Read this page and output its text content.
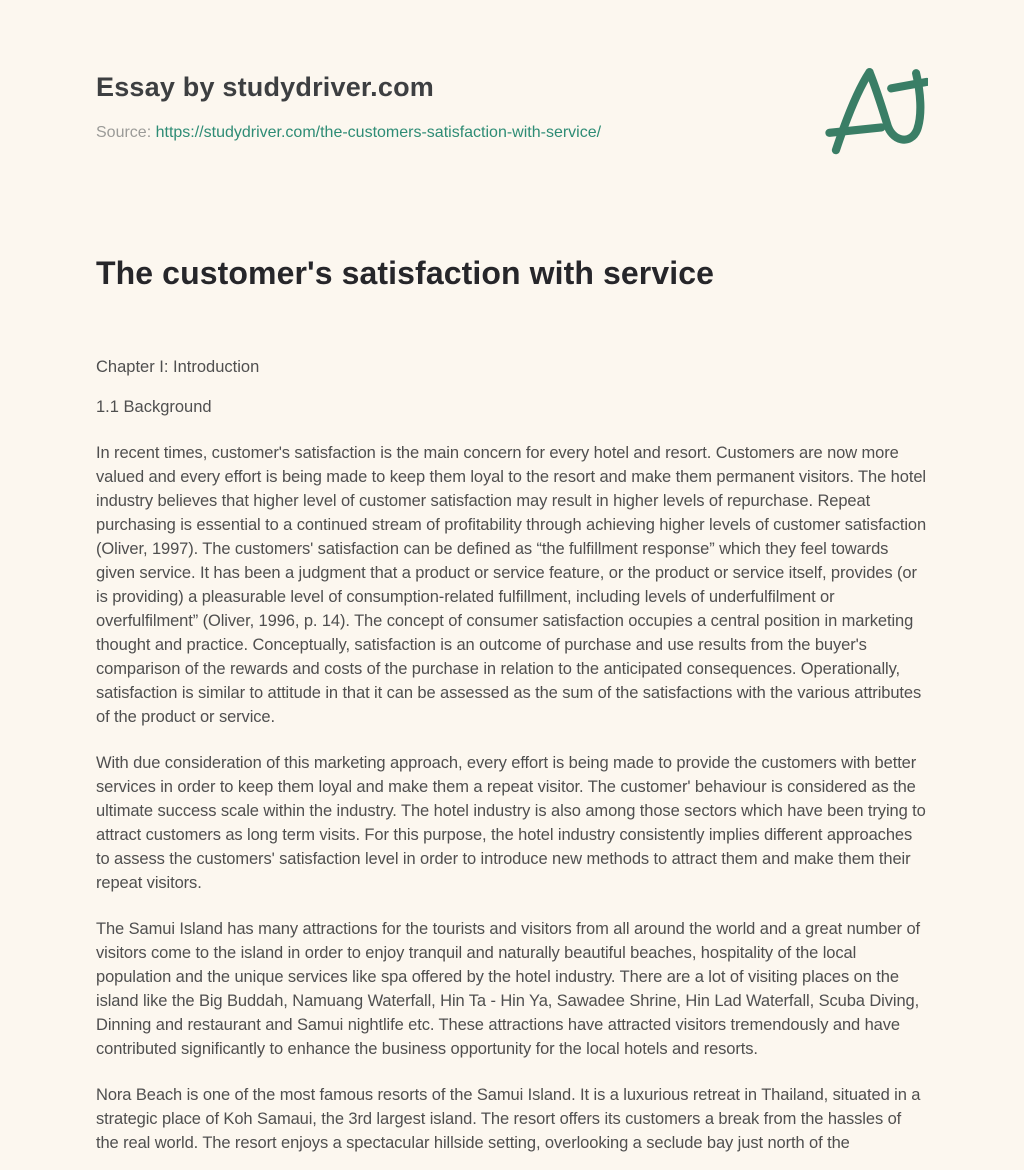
Essay by studydriver.com
Source: https://studydriver.com/the-customers-satisfaction-with-service/
The customer's satisfaction with service
Chapter I: Introduction
1.1 Background

In recent times, customer's satisfaction is the main concern for every hotel and resort. Customers are now more valued and every effort is being made to keep them loyal to the resort and make them permanent visitors. The hotel industry believes that higher level of customer satisfaction may result in higher levels of repurchase. Repeat purchasing is essential to a continued stream of profitability through achieving higher levels of customer satisfaction (Oliver, 1997). The customers' satisfaction can be defined as “the fulfillment response” which they feel towards given service. It has been a judgment that a product or service feature, or the product or service itself, provides (or is providing) a pleasurable level of consumption-related fulfillment, including levels of underfulfilment or overfulfilment” (Oliver, 1996, p. 14). The concept of consumer satisfaction occupies a central position in marketing thought and practice. Conceptually, satisfaction is an outcome of purchase and use results from the buyer's comparison of the rewards and costs of the purchase in relation to the anticipated consequences. Operationally, satisfaction is similar to attitude in that it can be assessed as the sum of the satisfactions with the various attributes of the product or service.

With due consideration of this marketing approach, every effort is being made to provide the customers with better services in order to keep them loyal and make them a repeat visitor. The customer' behaviour is considered as the ultimate success scale within the industry. The hotel industry is also among those sectors which have been trying to attract customers as long term visits. For this purpose, the hotel industry consistently implies different approaches to assess the customers' satisfaction level in order to introduce new methods to attract them and make them their repeat visitors.

The Samui Island has many attractions for the tourists and visitors from all around the world and a great number of visitors come to the island in order to enjoy tranquil and naturally beautiful beaches, hospitality of the local population and the unique services like spa offered by the hotel industry. There are a lot of visiting places on the island like the Big Buddah, Namuang Waterfall, Hin Ta - Hin Ya, Sawadee Shrine, Hin Lad Waterfall, Scuba Diving, Dinning and restaurant and Samui nightlife etc. These attractions have attracted visitors tremendously and have contributed significantly to enhance the business opportunity for the local hotels and resorts.

Nora Beach is one of the most famous resorts of the Samui Island. It is a luxurious retreat in Thailand, situated in a strategic place of Koh Samaui, the 3rd largest island. The resort offers its customers a break from the hassles of the real world. The resort enjoys a spectacular hillside setting, overlooking a seclude bay just north of the
